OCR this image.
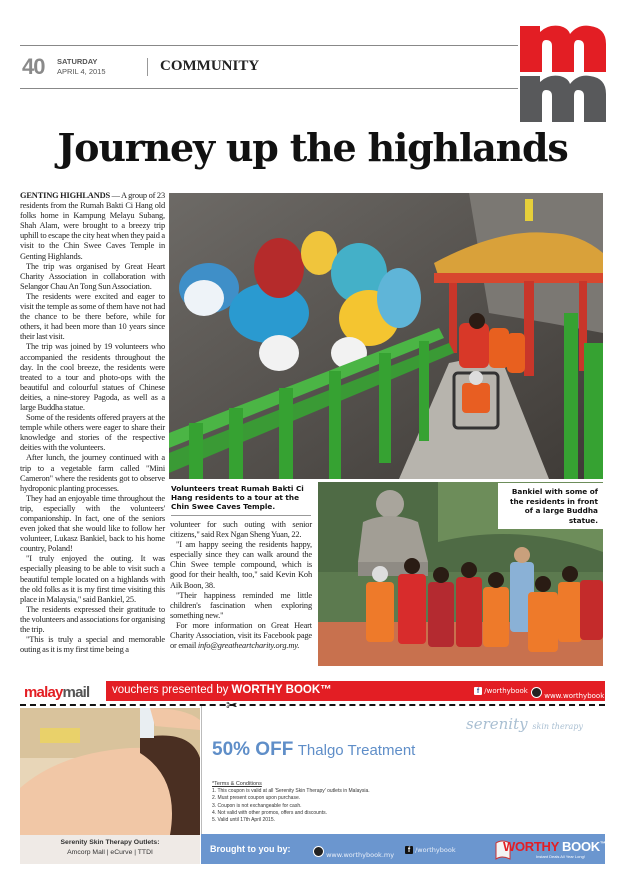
40 SATURDAY
APRIL 4, 2015	COMMUNITY
Journey up the highlands

GENTING HIGHLANDS — A group of 23 residents from the Rumah Bakti Ci Hang old folks home in Kampung Melayu Subang, Shah Alam, were brought to a breezy trip uphill to escape the city heat when they paid a visit to the Chin Swee Caves Temple in Genting Highlands.

The trip was organised by Great Heart Charity Association in collaboration with Selangor Chau An Tong Sun Association.

The residents were excited and eager to visit the temple as some of them have not had the chance to be there before, while for others, it had been more than 10 years since their last visit.

The trip was joined by 19 volunteers who accompanied the residents throughout the day. In the cool breeze, the residents were treated to a tour and photo-ops with the beautiful and colourful statues of Chinese deities, a nine-storey Pagoda, as well as a large Buddha statue.

Some of the residents offered prayers at the temple while others were eager to share their knowledge and stories of the respective deities with the volunteers.

After lunch, the journey continued with a trip to a vegetable farm called "Mini Cameron" where the residents got to observe hydroponic planting processes.

They had an enjoyable time throughout the trip, especially with the volunteers' companionship. In fact, one of the seniors even joked that she would like to follow her volunteer, Lukasz Bankiel, back to his home country, Poland!

"I truly enjoyed the outing. It was especially pleasing to be able to visit such a beautiful temple located on a highlands with the old folks as it is my first time visiting this place in Malaysia," said Bankiel, 25.

The residents expressed their gratitude to the volunteers and associations for organising the trip.

"This is truly a special and memorable outing as it is my first time being a

Volunteers treat Rumah Bakti Ci Hang residents to a tour at the Chin Swee Caves Temple.

volunteer for such outing with senior citizens," said Rex Ngan Sheng Yuan, 22.

"I am happy seeing the residents happy, especially since they can walk around the Chin Swee temple compound, which is good for their health, too," said Kevin Koh Aik Boon, 38.

"Their happiness reminded me little children's fascination when exploring something new."

For more information on Great Heart Charity Association, visit its Facebook page or email info@greatheartcharity.org.my.

Bankiel with some of the residents in front of a large Buddha statue.
malaymail vouchers presented by WORTHY BOOK™	f /worthybook
www.worthybook.my
✂
Serenity Skin Therapy Outlets:
Amcorp Mall | eCurve | TTDI
serenity skin therapy
50% OFF Thalgo Treatment
*Terms & Conditions
1. This coupon is valid at all 'Serenity Skin Therapy' outlets in Malaysia.
2. Must present coupon upon purchase.
3. Coupon is not exchangeable for cash.
4. Not valid with other promos, offers and discounts.
5. Valid until 17th April 2015.
Brought to you by:
www.worthybook.my
f /worthybook	WORTHY BOOK™
Instant Deals All Year Long!
